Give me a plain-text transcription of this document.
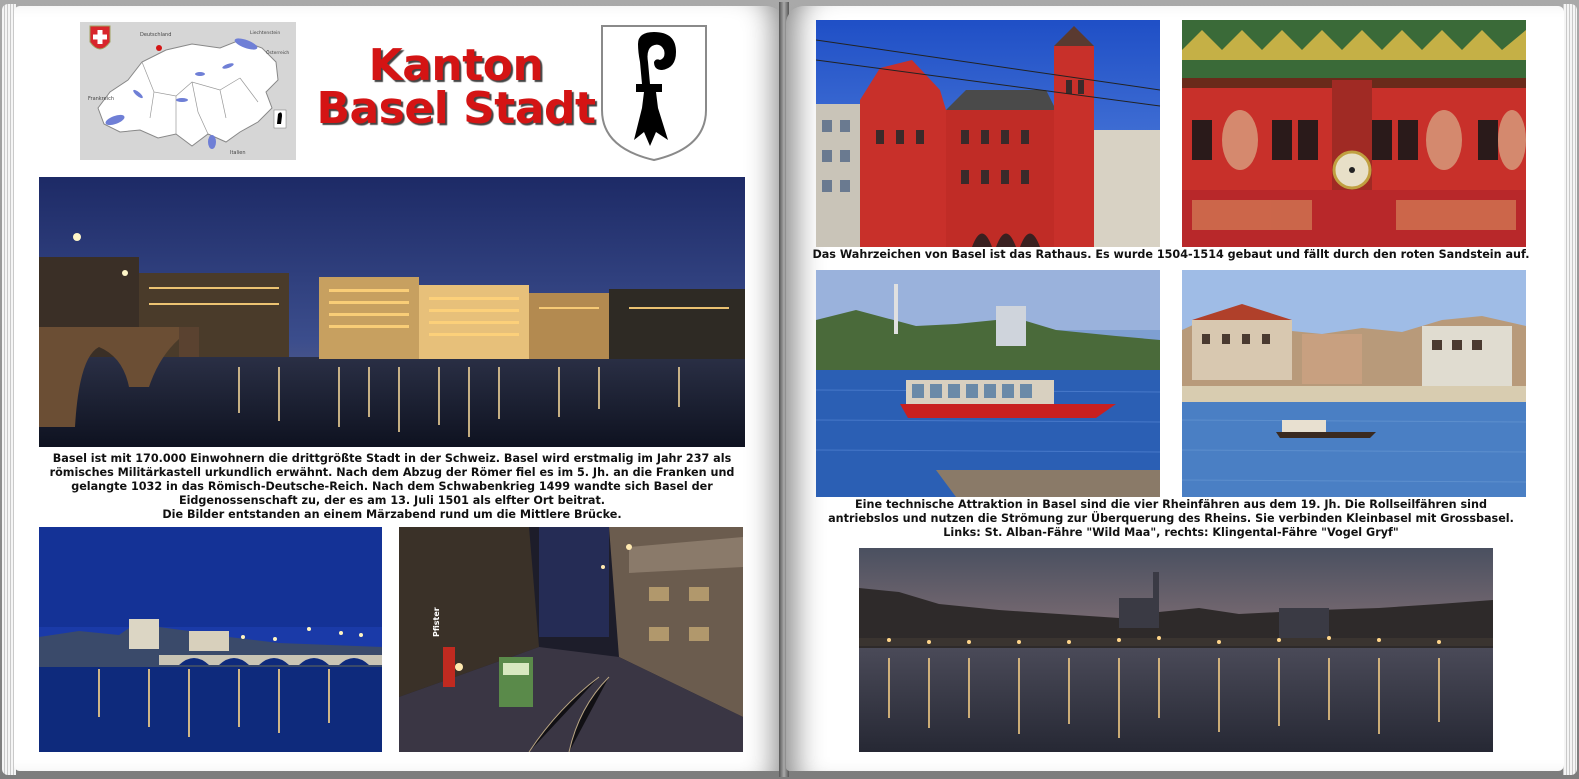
Deutschland
Frankreich
Italien
Liechtenstein
Österreich	Kanton
Basel Stadt
Basel ist mit 170.000 Einwohnern die drittgrößte Stadt in der Schweiz. Basel wird erstmalig im Jahr 237 als
römisches Militärkastell urkundlich erwähnt. Nach dem Abzug der Römer fiel es im 5. Jh. an die Franken und
gelangte 1032 in das Römisch-Deutsche-Reich. Nach dem Schwabenkrieg 1499 wandte sich Basel der
Eidgenossenschaft zu, der es am 13. Juli 1501 als elfter Ort beitrat.
Die Bilder entstanden an einem Märzabend rund um die Mittlere Brücke.
Pfister
Das Wahrzeichen von Basel ist das Rathaus. Es wurde 1504-1514 gebaut und fällt durch den roten Sandstein auf.
Eine technische Attraktion in Basel sind die vier Rheinfähren aus dem 19. Jh. Die Rollseilfähren sind
antriebslos und nutzen die Strömung zur Überquerung des Rheins. Sie verbinden Kleinbasel mit Grossbasel.
Links: St. Alban-Fähre "Wild Maa", rechts: Klingental-Fähre "Vogel Gryf"
